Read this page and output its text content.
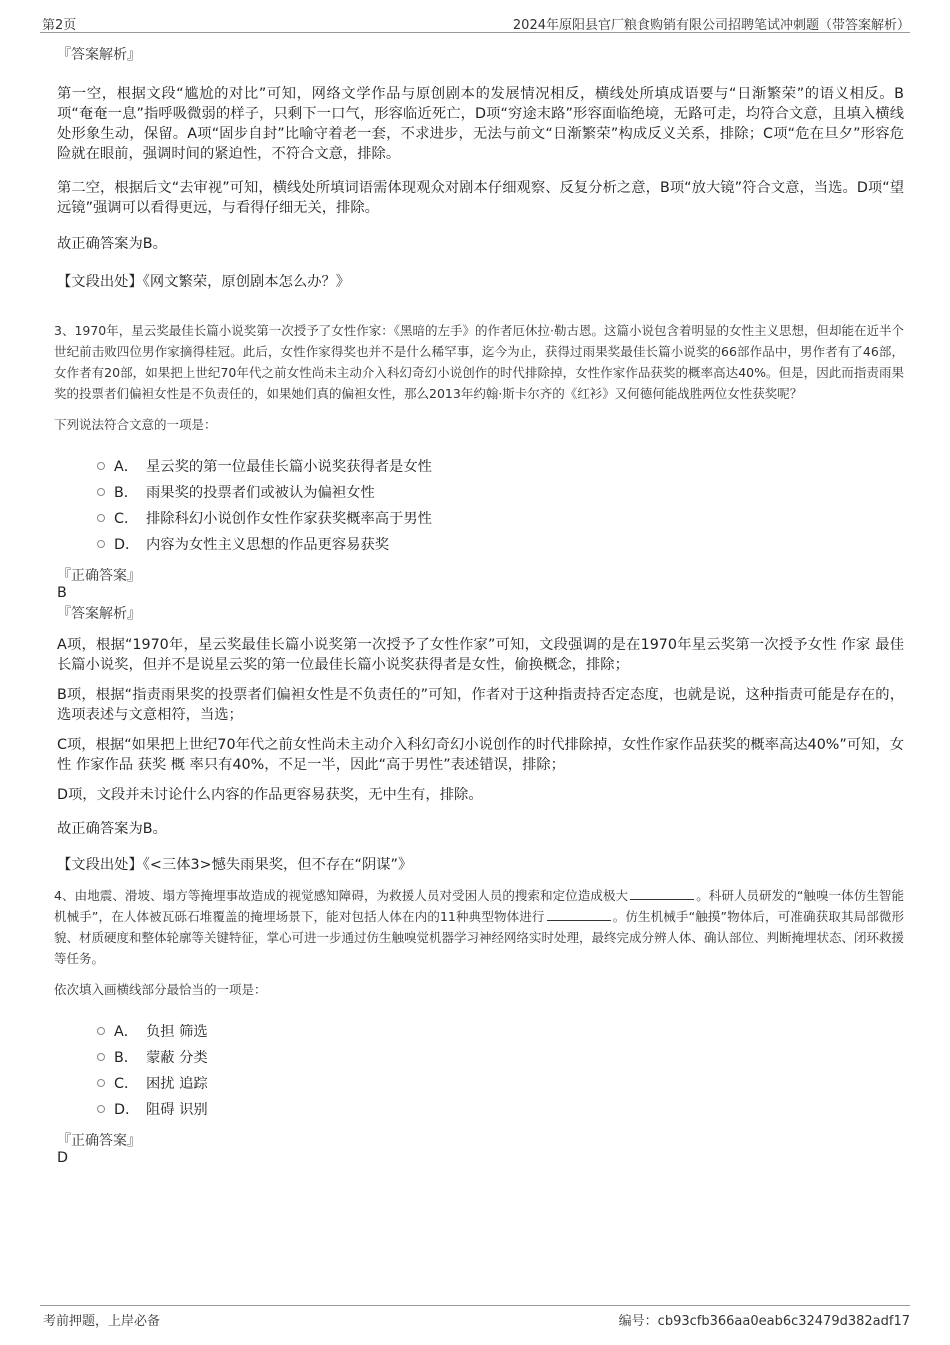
第2页	2024年原阳县官厂粮食购销有限公司招聘笔试冲刺题（带答案解析）

『答案解析』

第一空，根据文段“尴尬的对比”可知，网络文学作品与原创剧本的发展情况相反，横线处所填成语要与“日渐繁荣”的语义相反。B项“奄奄一息”指呼吸微弱的样子，只剩下一口气，形容临近死亡，D项“穷途末路”形容面临绝境，无路可走，均符合文意，且填入横线处形象生动，保留。A项“固步自封”比喻守着老一套，不求进步，无法与前文“日渐繁荣”构成反义关系，排除；C项“危在旦夕”形容危险就在眼前，强调时间的紧迫性，不符合文意，排除。

第二空，根据后文“去审视”可知，横线处所填词语需体现观众对剧本仔细观察、反复分析之意，B项“放大镜”符合文意，当选。D项“望远镜”强调可以看得更远，与看得仔细无关，排除。

故正确答案为B。

【文段出处】《网文繁荣，原创剧本怎么办？》

3、1970年，星云奖最佳长篇小说奖第一次授予了女性作家：《黑暗的左手》的作者厄休拉·勒古恩。这篇小说包含着明显的女性主义思想，但却能在近半个世纪前击败四位男作家摘得桂冠。此后，女性作家得奖也并不是什么稀罕事，迄今为止，获得过雨果奖最佳长篇小说奖的66部作品中，男作者有了46部，女作者有20部，如果把上世纪70年代之前女性尚未主动介入科幻奇幻小说创作的时代排除掉，女性作家作品获奖的概率高达40%。但是，因此而指责雨果奖的投票者们偏袒女性是不负责任的，如果她们真的偏袒女性，那么2013年约翰·斯卡尔齐的《红衫》又何德何能战胜两位女性获奖呢？

下列说法符合文意的一项是：

A． 星云奖的第一位最佳长篇小说奖获得者是女性
B． 雨果奖的投票者们或被认为偏袒女性
C． 排除科幻小说创作女性作家获奖概率高于男性
D． 内容为女性主义思想的作品更容易获奖

『正确答案』

B

『答案解析』

A项，根据“1970年，星云奖最佳长篇小说奖第一次授予了女性作家”可知，文段强调的是在1970年星云奖第一次授予女性 作家 最佳长篇小说奖，但并不是说星云奖的第一位最佳长篇小说奖获得者是女性，偷换概念，排除；

B项，根据“指责雨果奖的投票者们偏袒女性是不负责任的”可知，作者对于这种指责持否定态度，也就是说，这种指责可能是存在的，选项表述与文意相符，当选；

C项，根据“如果把上世纪70年代之前女性尚未主动介入科幻奇幻小说创作的时代排除掉，女性作家作品获奖的概率高达40%”可知，女性 作家作品 获奖 概 率只有40%，不足一半，因此“高于男性”表述错误，排除；

D项，文段并未讨论什么内容的作品更容易获奖，无中生有，排除。

故正确答案为B。

【文段出处】《<三体3>憾失雨果奖，但不存在“阴谋”》

4、由地震、滑坡、塌方等掩埋事故造成的视觉感知障碍，为救援人员对受困人员的搜索和定位造成极大	。科研人员研发的“触嗅一体仿生智能机械手”，在人体被瓦砾石堆覆盖的掩埋场景下，能对包括人体在内的11种典型物体进行	。仿生机械手“触摸”物体后，可准确获取其局部微形貌、材质硬度和整体轮廓等关键特征，掌心可进一步通过仿生触嗅觉机器学习神经网络实时处理，最终完成分辨人体、确认部位、判断掩埋状态、闭环救援等任务。

依次填入画横线部分最恰当的一项是：

A． 负担 筛选
B． 蒙蔽 分类
C． 困扰 追踪
D． 阻碍 识别

『正确答案』

D

考前押题，上岸必备	编号：cb93cfb366aa0eab6c32479d382adf17
